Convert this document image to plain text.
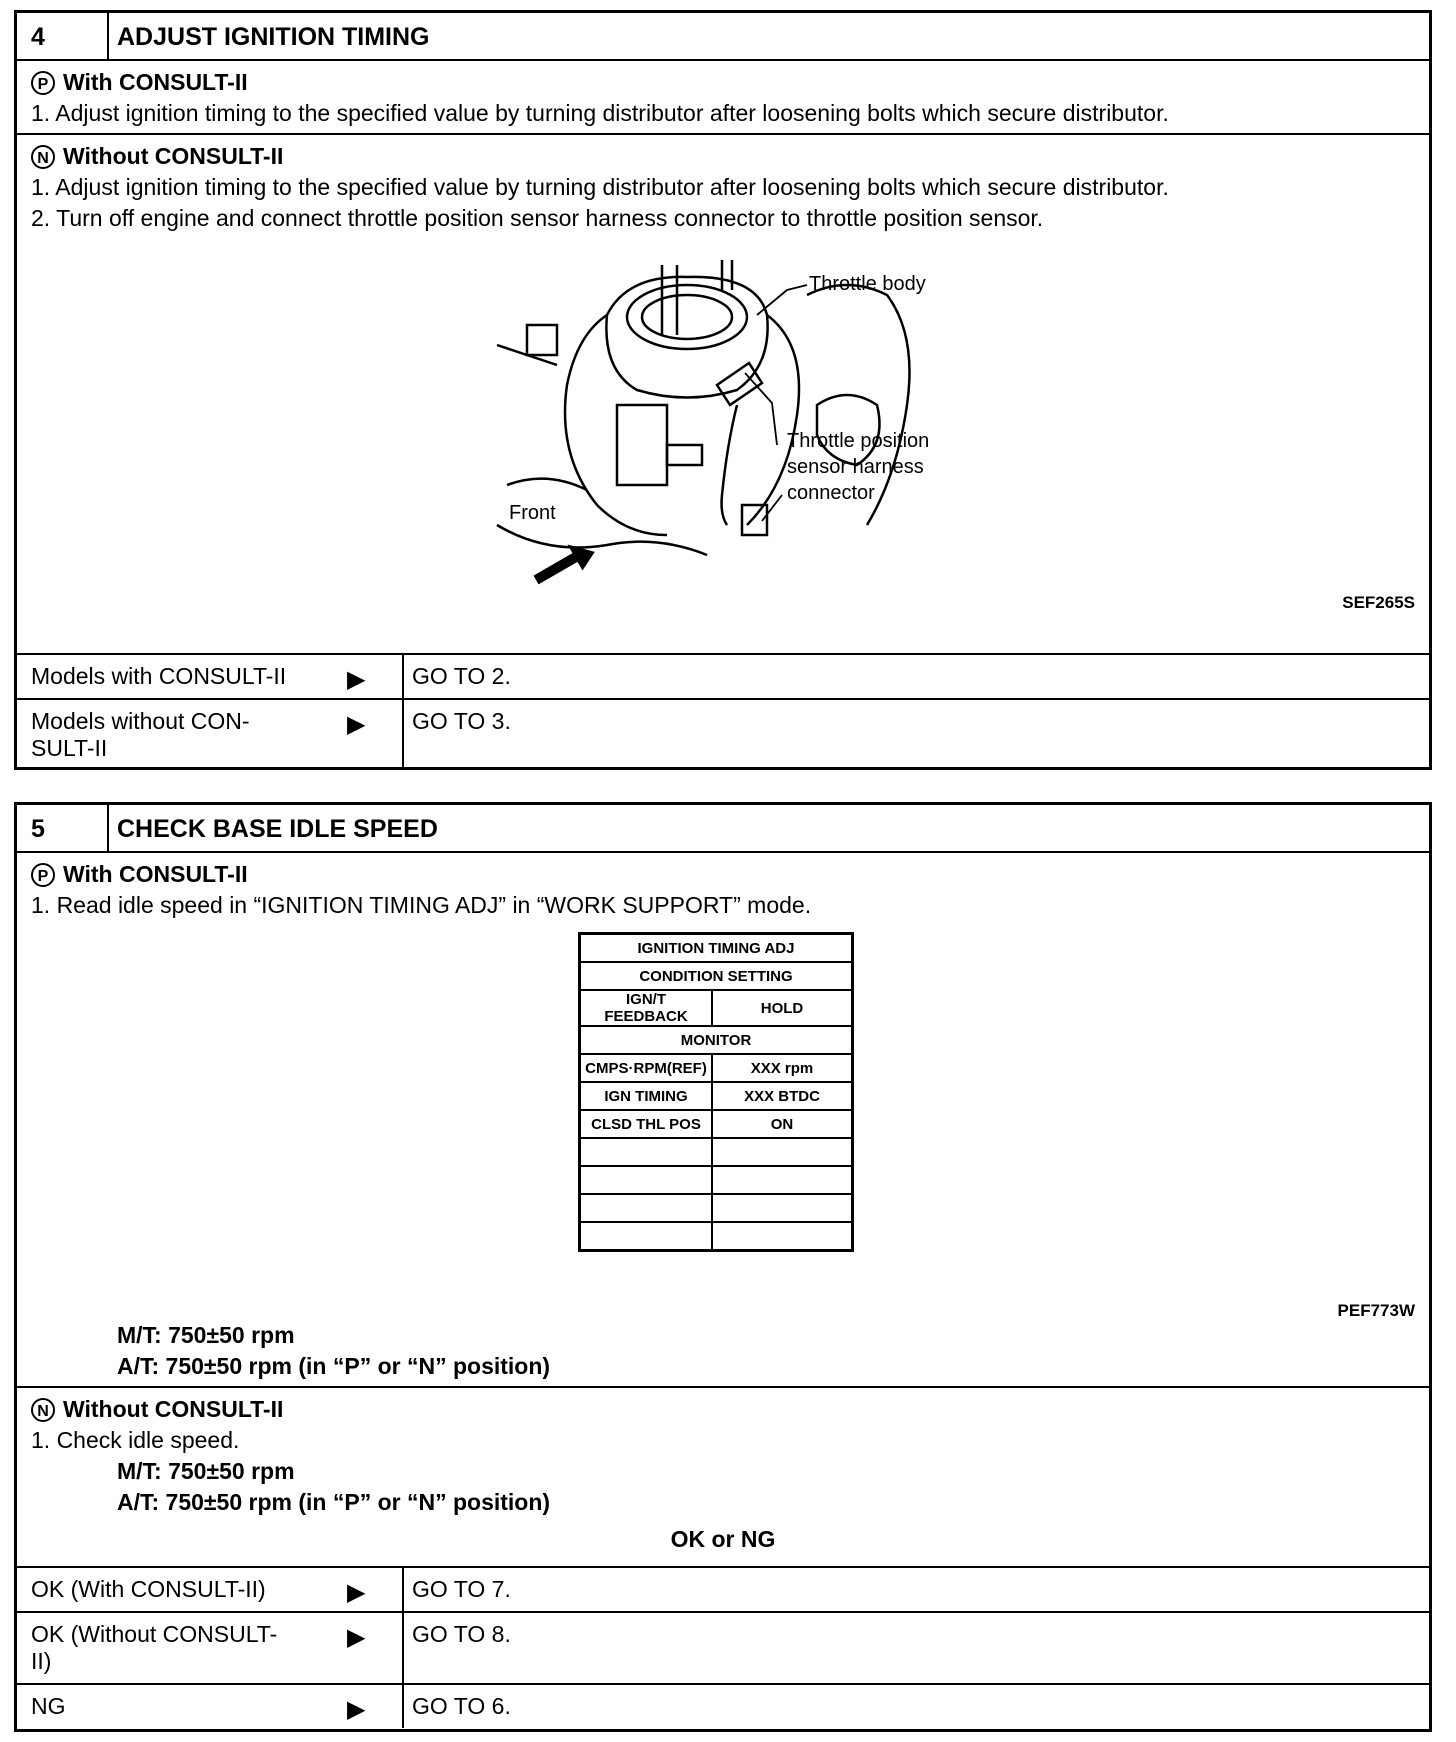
4	ADJUST IGNITION TIMING
P With CONSULT-II
1. Adjust ignition timing to the specified value by turning distributor after loosening bolts which secure distributor.
N Without CONSULT-II
1. Adjust ignition timing to the specified value by turning distributor after loosening bolts which secure distributor.
2. Turn off engine and connect throttle position sensor harness connector to throttle position sensor.
Throttle body
Throttle position
sensor harness
connector
Front
SEF265S
Models with CONSULT-II	▶	GO TO 2.
Models without CON-
SULT-II
▶	GO TO 3.
5	CHECK BASE IDLE SPEED
P With CONSULT-II
1. Read idle speed in “IGNITION TIMING ADJ” in “WORK SUPPORT” mode.
PEF773W
M/T: 750±50 rpm
A/T: 750±50 rpm (in “P” or “N” position)
N Without CONSULT-II
1. Check idle speed.
M/T: 750±50 rpm
A/T: 750±50 rpm (in “P” or “N” position)
OK or NG
OK (With CONSULT-II)	▶	GO TO 7.
OK (Without CONSULT-
II)
▶	GO TO 8.
NG	▶	GO TO 6.
IGNITION TIMING ADJ	
CONDITION SETTING	
IGN/T FEEDBACK	HOLD
MONITOR	
CMPS·RPM(REF)	XXX rpm
IGN TIMING	XXX BTDC
CLSD THL POS	ON
